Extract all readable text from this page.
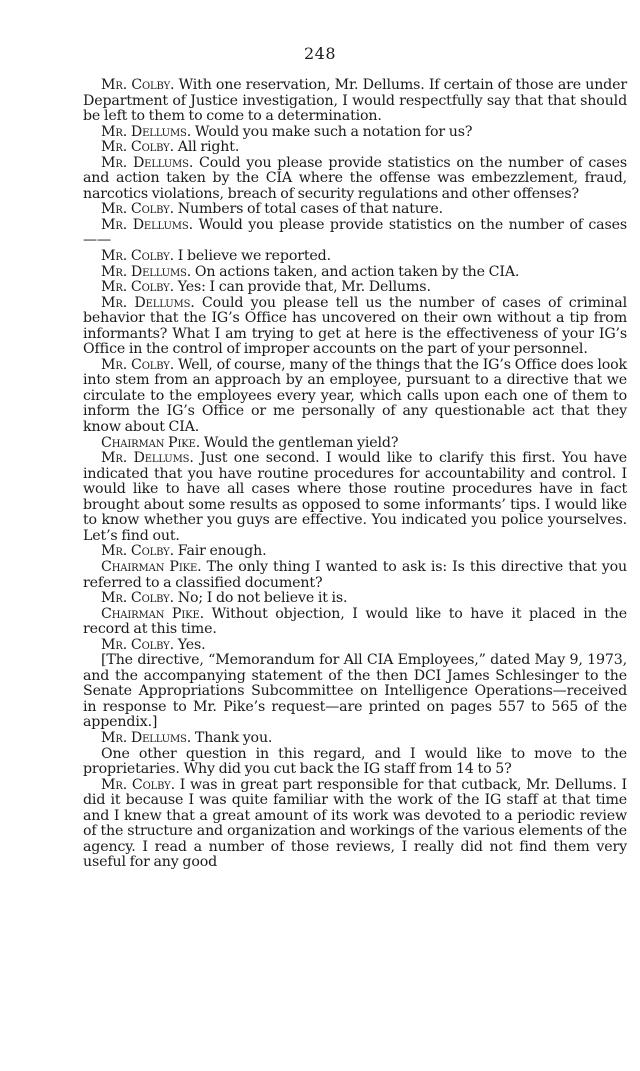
248

Mr. Colby. With one reservation, Mr. Dellums. If certain of those are under Department of Justice investigation, I would respectfully say that that should be left to them to come to a determination.

Mr. Dellums. Would you make such a notation for us?

Mr. Colby. All right.

Mr. Dellums. Could you please provide statistics on the number of cases and action taken by the CIA where the offense was embezzlement, fraud, narcotics violations, breach of security regulations and other offenses?

Mr. Colby. Numbers of total cases of that nature.

Mr. Dellums. Would you please provide statistics on the number of cases——

Mr. Colby. I believe we reported.

Mr. Dellums. On actions taken, and action taken by the CIA.

Mr. Colby. Yes: I can provide that, Mr. Dellums.

Mr. Dellums. Could you please tell us the number of cases of criminal behavior that the IG’s Office has uncovered on their own without a tip from informants? What I am trying to get at here is the effectiveness of your IG’s Office in the control of improper accounts on the part of your personnel.

Mr. Colby. Well, of course, many of the things that the IG’s Office does look into stem from an approach by an employee, pursuant to a directive that we circulate to the employees every year, which calls upon each one of them to inform the IG’s Office or me personally of any questionable act that they know about CIA.

Chairman Pike. Would the gentleman yield?

Mr. Dellums. Just one second. I would like to clarify this first. You have indicated that you have routine procedures for accountability and control. I would like to have all cases where those routine procedures have in fact brought about some results as opposed to some informants’ tips. I would like to know whether you guys are effective. You indicated you police yourselves. Let’s find out.

Mr. Colby. Fair enough.

Chairman Pike. The only thing I wanted to ask is: Is this directive that you referred to a classified document?

Mr. Colby. No; I do not believe it is.

Chairman Pike. Without objection, I would like to have it placed in the record at this time.

Mr. Colby. Yes.

[The directive, “Memorandum for All CIA Employees,” dated May 9, 1973, and the accompanying statement of the then DCI James Schlesinger to the Senate Appropriations Subcommittee on Intelligence Operations—received in response to Mr. Pike’s request—are printed on pages 557 to 565 of the appendix.]

Mr. Dellums. Thank you.

One other question in this regard, and I would like to move to the proprietaries. Why did you cut back the IG staff from 14 to 5?

Mr. Colby. I was in great part responsible for that cutback, Mr. Dellums. I did it because I was quite familiar with the work of the IG staff at that time and I knew that a great amount of its work was devoted to a periodic review of the structure and organization and workings of the various elements of the agency. I read a number of those reviews, I really did not find them very useful for any good
